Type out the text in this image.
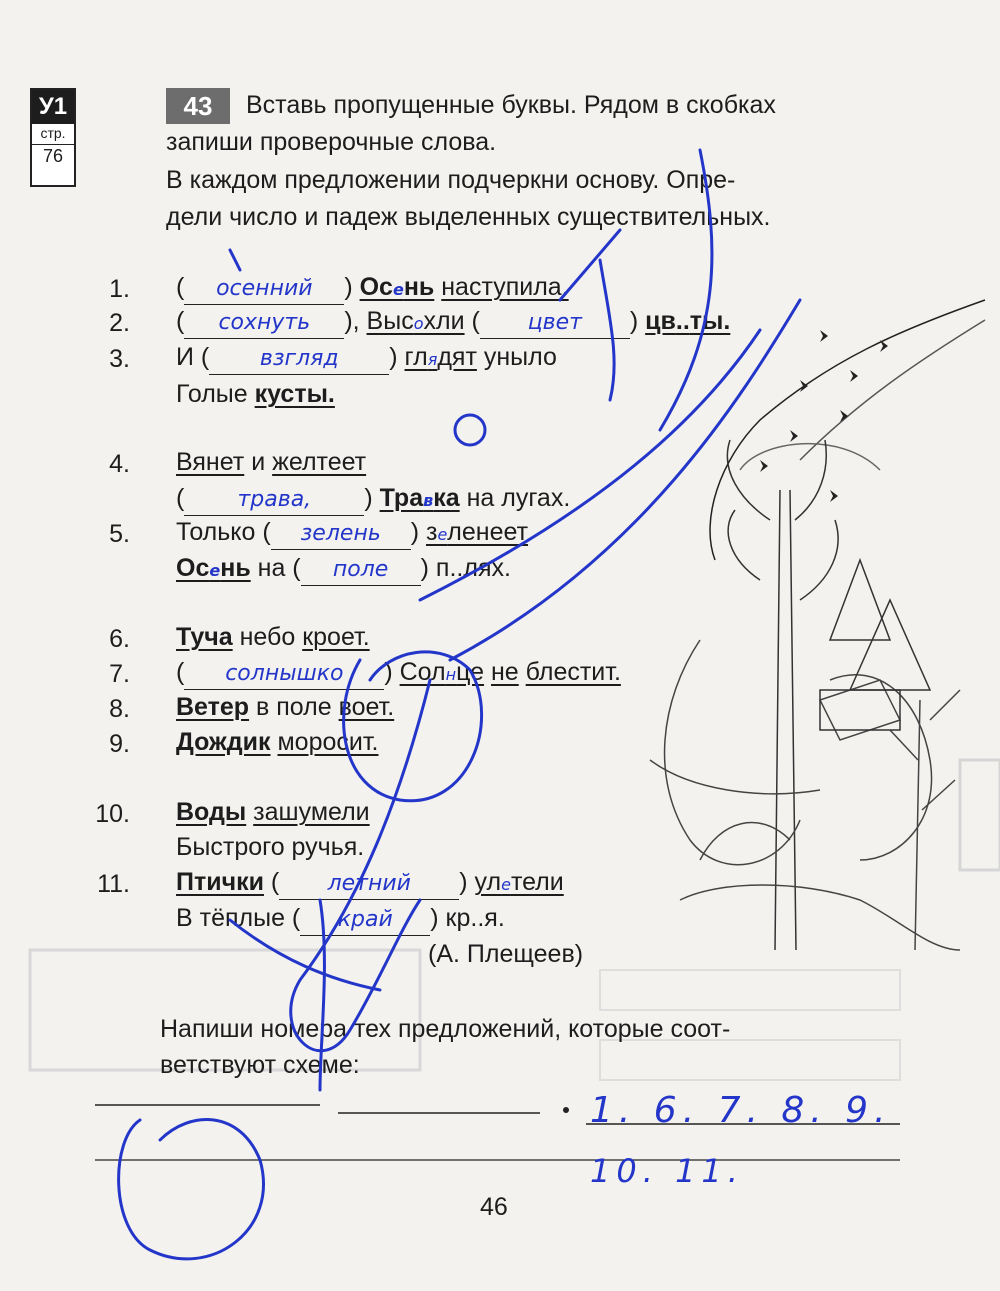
У1
стр.
76
43	Вставь пропущенные буквы. Рядом в скобках
запиши проверочные слова.
В каждом предложении подчеркни основу. Опре-
дели число и падеж выделенных существительных.
1. ( осенний ) Осень наступила.
2. ( сохнуть ), Высохли ( цвет ) цв..ты.
3. И ( взгляд ) глядят уныло
Голые кусты.
4. Вянет и желтеет
( трава, ) Травка на лугах.
5. Только ( зелень ) зеленеет
Осень на ( поле ) п..лях.
6. Туча небо кроет.
7. ( солнышко ) Солнце не блестит.
8. Ветер в поле воет.
9. Дождик моросит.
10. Воды зашумели
Быстрого ручья.
11. Птички ( летний ) улетели
В тёплые ( край ) кр..я.
(А. Плещеев)
Напиши номера тех предложений, которые соот-
ветствуют схеме:
1. 6. 7. 8. 9.
10. 11.
46
